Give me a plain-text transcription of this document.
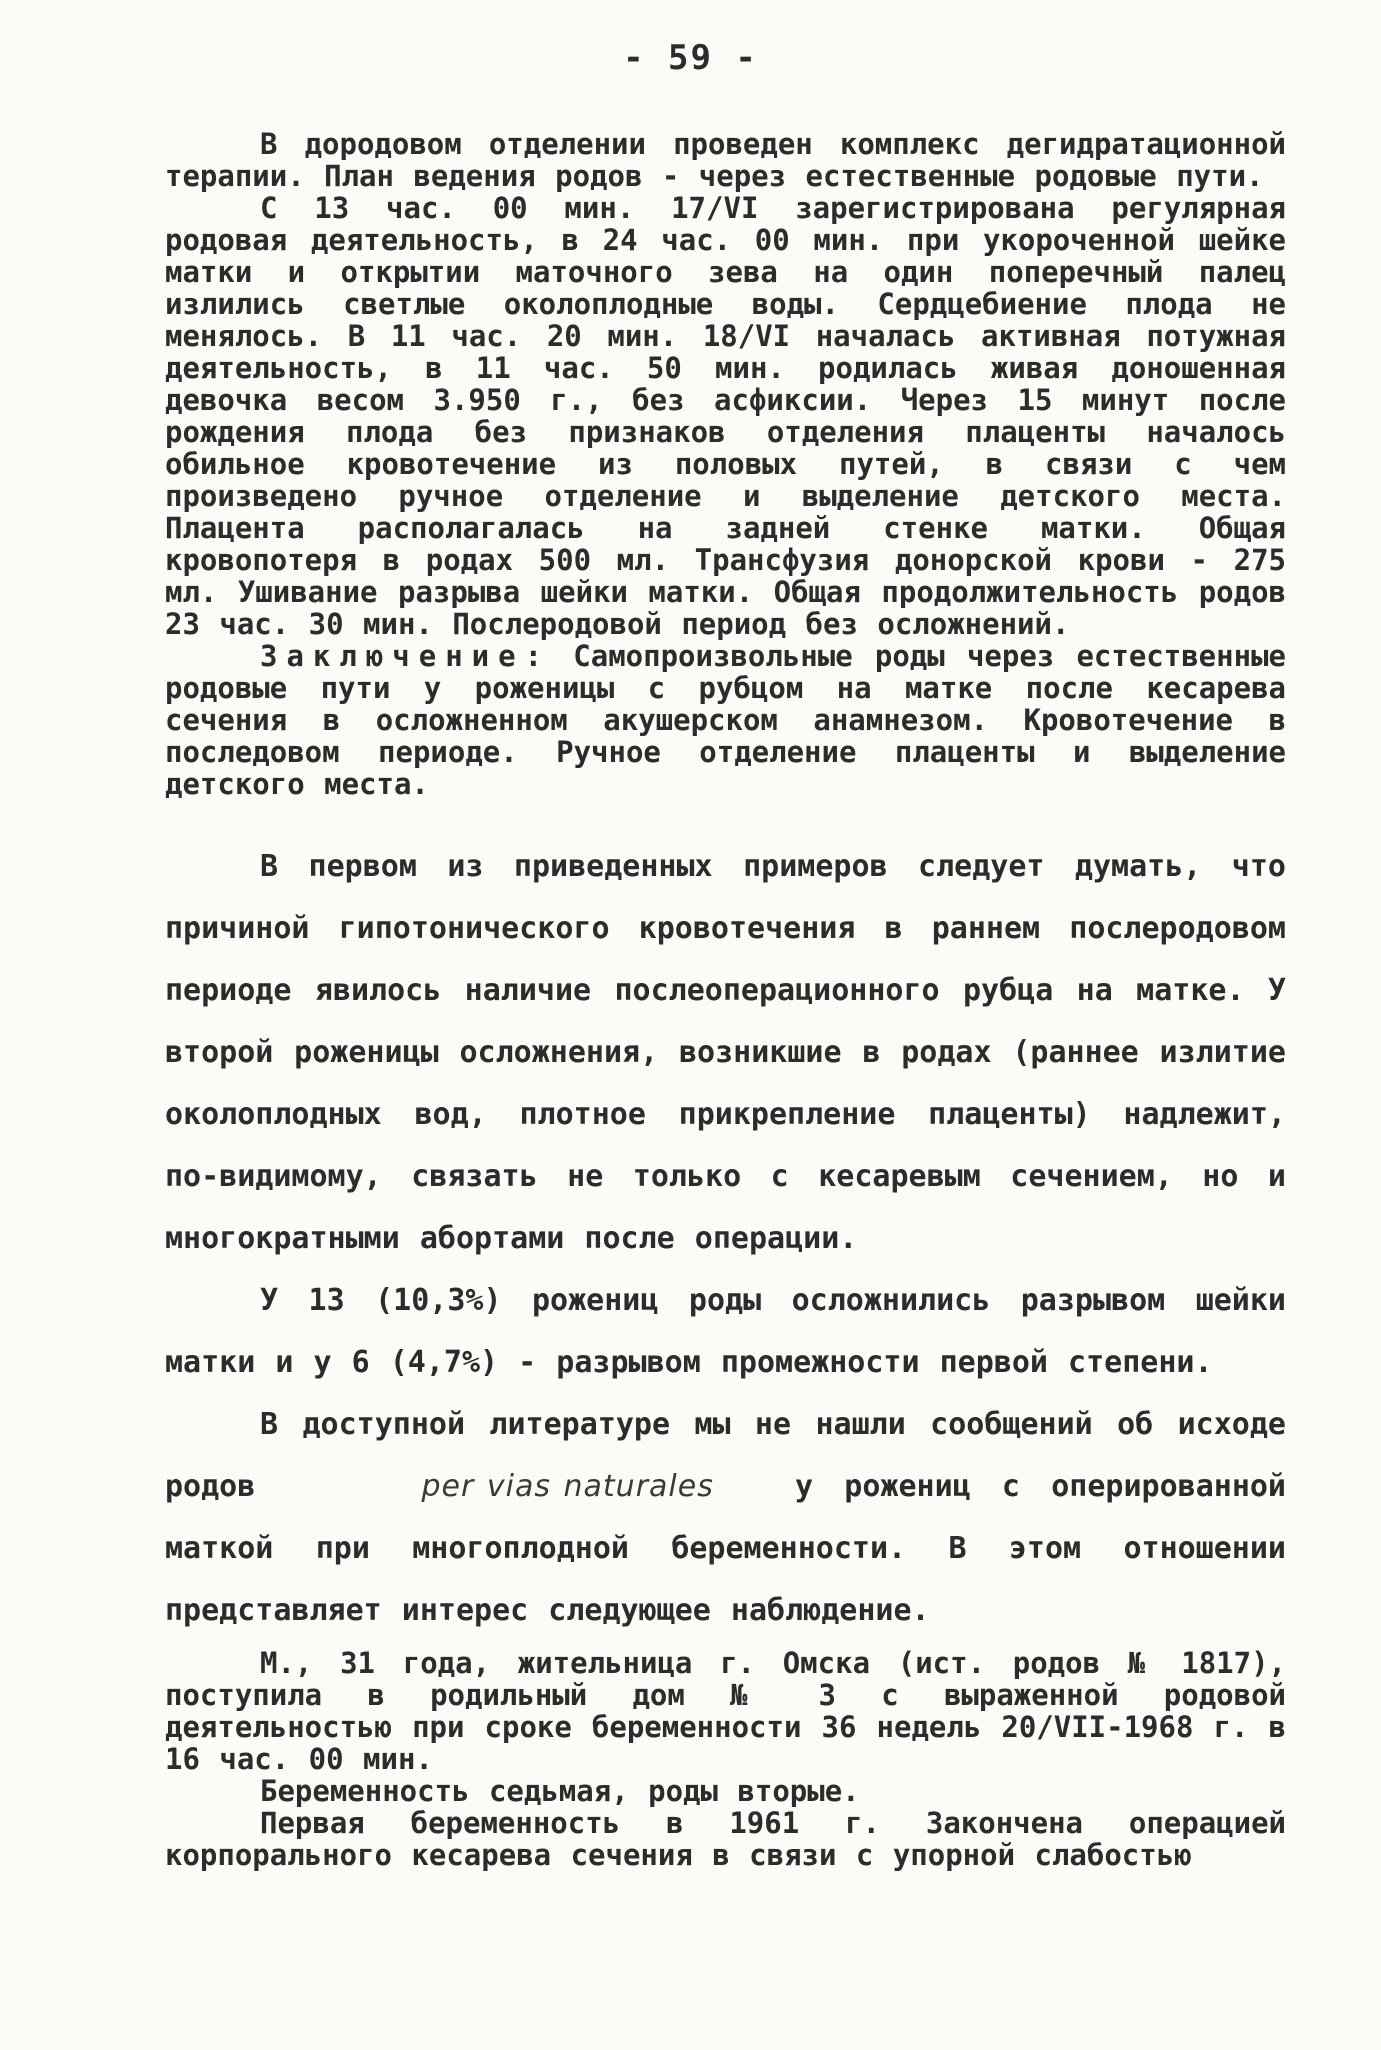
- 59 -

В дородовом отделении проведен комплекс дегидратационной терапии. План ведения родов - через естественные родовые пути.

С 13 час. 00 мин. 17/VI зарегистрирована регулярная родовая деятельность, в 24 час. 00 мин. при укороченной шейке матки и открытии маточного зева на один поперечный палец излились светлые околоплодные воды. Сердцебиение плода не менялось. В 11 час. 20 мин. 18/VI началась активная потужная деятельность, в 11 час. 50 мин. родилась живая доношенная девочка весом 3.950 г., без асфиксии. Через 15 минут после рождения плода без признаков отделения плаценты началось обильное кровотечение из половых путей, в связи с чем произведено ручное отделение и выделение детского места. Плацента располагалась на задней стенке матки. Общая кровопотеря в родах 500 мл. Трансфузия донорской крови - 275 мл. Ушивание разрыва шейки матки. Общая продолжительность родов 23 час. 30 мин. Послеродовой период без осложнений.

Заключение: Самопроизвольные роды через естественные родовые пути у роженицы с рубцом на матке после кесарева сечения в осложненном акушерском анамнезом. Кровотечение в последовом периоде. Ручное отделение плаценты и выделение детского места.

В первом из приведенных примеров следует думать, что причиной гипотонического кровотечения в раннем послеродовом периоде явилось наличие послеоперационного рубца на матке. У второй роженицы осложнения, возникшие в родах (раннее излитие околоплодных вод, плотное прикрепление плаценты) надлежит, по-видимому, связать не только с кесаревым сечением, но и многократными абортами после операции.

У 13 (10,3%) рожениц роды осложнились разрывом шейки матки и у 6 (4,7%) - разрывом промежности первой степени.

В доступной литературе мы не нашли сообщений об исходе родов	per vias naturales	у рожениц с оперированной маткой при многоплодной беременности. В этом отношении представляет интерес следующее наблюдение.

М., 31 года, жительница г. Омска (ист. родов № 1817), поступила в родильный дом № 3 с выраженной родовой деятельностью при сроке беременности 36 недель 20/VII-1968 г. в 16 час. 00 мин.

Беременность седьмая, роды вторые.

Первая беременность в 1961 г. Закончена операцией корпорального кесарева сечения в связи с упорной слабостью
